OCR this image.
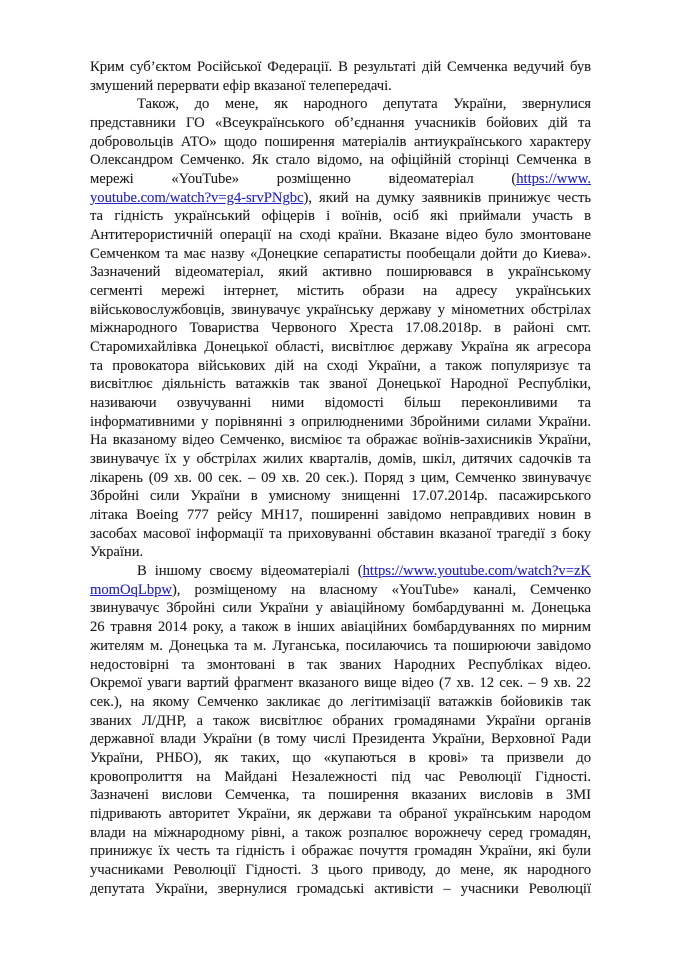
Крим суб’єктом Російської Федерації. В результаті дій Семченка ведучий був
змушений перервати ефір вказаної телепередачі.
Також, до мене, як народного депутата України, звернулися
представники ГО «Всеукраїнського об’єднання учасників бойових дій та
добровольців АТО» щодо поширення матеріалів антиукраїнського характеру
Олександром Семченко. Як стало відомо, на офіційній сторінці Семченка в
мережі «YouTube» розміщенно відеоматеріал (https://www.
youtube.com/watch?v=g4-srvPNgbc), який на думку заявників принижує честь
та гідність український офіцерів і воїнів, осіб які приймали участь в
Антитерористичній операції на сході країни. Вказане відео було змонтоване
Семченком та має назву «Донецкие сепаратисты пообещали дойти до Киева».
Зазначений відеоматеріал, який активно поширювався в українському
сегменті мережі інтернет, містить образи на адресу українських
військовослужбовців, звинувачує українську державу у мінометних обстрілах
міжнародного Товариства Червоного Хреста 17.08.2018р. в районі смт.
Старомихайлівка Донецької області, висвітлює державу Україна як агресора
та провокатора військових дій на сході України, а також популяризує та
висвітлює діяльність ватажків так званої Донецької Народної Республіки,
називаючи озвучуванні ними відомості більш переконливими та
інформативними у порівнянні з оприлюдненими Збройними силами України.
На вказаному відео Семченко, висміює та ображає воїнів-захисників України,
звинувачує їх у обстрілах жилих кварталів, домів, шкіл, дитячих садочків та
лікарень (09 хв. 00 сек. – 09 хв. 20 сек.). Поряд з цим, Семченко звинувачує
Збройні сили України в умисному знищенні 17.07.2014р. пасажирського
літака Boeing 777 рейсу МН17, поширенні завідомо неправдивих новин в
засобах масової інформації та приховуванні обставин вказаної трагедії з боку
України.
В іншому своєму відеоматеріалі (https://www.youtube.com/watch?v=zK
momOqLbpw), розміщеному на власному «YouTube» каналі, Семченко
звинувачує Збройні сили України у авіаційному бомбардуванні м. Донецька
26 травня 2014 року, а також в інших авіаційних бомбардуваннях по мирним
жителям м. Донецька та м. Луганська, посилаючись та поширюючи завідомо
недостовірні та змонтовані в так званих Народних Республіках відео.
Окремої уваги вартий фрагмент вказаного вище відео (7 хв. 12 сек. – 9 хв. 22
сек.), на якому Семченко закликає до легітимізації ватажків бойовиків так
званих Л/ДНР, а також висвітлює обраних громадянами України органів
державної влади України (в тому числі Президента України, Верховної Ради
України, РНБО), як таких, що «купаються в крові» та призвели до
кровопролиття на Майдані Незалежності під час Революції Гідності.
Зазначені вислови Семченка, та поширення вказаних висловів в ЗМІ
підривають авторитет України, як держави та обраної українським народом
влади на міжнародному рівні, а також розпалює ворожнечу серед громадян,
принижує їх честь та гідність і ображає почуття громадян України, які були
учасниками Революції Гідності. З цього приводу, до мене, як народного
депутата України, звернулися громадські активісти – учасники Революції
